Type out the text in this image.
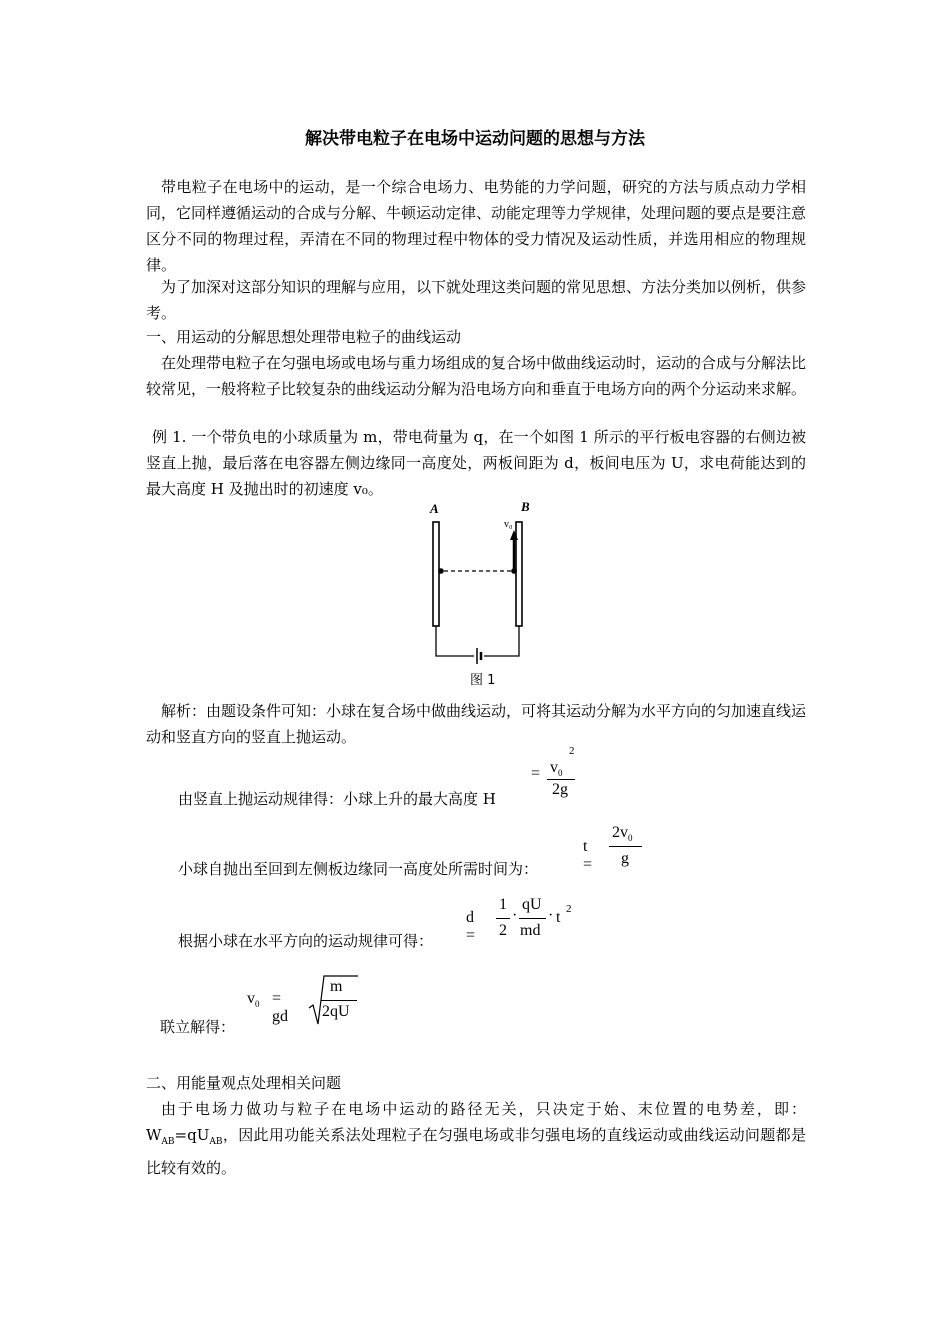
解决带电粒子在电场中运动问题的思想与方法
带电粒子在电场中的运动，是一个综合电场力、电势能的力学问题，研究的方法与质点动力学相同，它同样遵循运动的合成与分解、牛顿运动定律、动能定理等力学规律，处理问题的要点是要注意区分不同的物理过程，弄清在不同的物理过程中物体的受力情况及运动性质，并选用相应的物理规律。
为了加深对这部分知识的理解与应用，以下就处理这类问题的常见思想、方法分类加以例析，供参考。
一、用运动的分解思想处理带电粒子的曲线运动
在处理带电粒子在匀强电场或电场与重力场组成的复合场中做曲线运动时，运动的合成与分解法比较常见，一般将粒子比较复杂的曲线运动分解为沿电场方向和垂直于电场方向的两个分运动来求解。
例 1. 一个带负电的小球质量为 m，带电荷量为 q，在一个如图 1 所示的平行板电容器的右侧边被竖直上抛，最后落在电容器左侧边缘同一高度处，两板间距为 d，板间电压为 U，求电荷能达到的最大高度 H 及抛出时的初速度 v₀。
A	B
v₀
图 1
解析：由题设条件可知：小球在复合场中做曲线运动，可将其运动分解为水平方向的匀加速直线运动和竖直方向的竖直上抛运动。
由竖直上抛运动规律得：小球上升的最大高度 H
= $v_0$
2
2g
小球自抛出至回到左侧板边缘同一高度处所需时间为：
t =
$2v_0$
g
根据小球在水平方向的运动规律可得：
d =
1
2
·
qU
md
· t 2
联立解得：
$v_0$ = gd
m
2qU
二、用能量观点处理相关问题
由于电场力做功与粒子在电场中运动的路径无关，只决定于始、末位置的电势差，即：$W_{AB}=qU_{AB}$，因此用功能关系法处理粒子在匀强电场或非匀强电场的直线运动或曲线运动问题都是比较有效的。
